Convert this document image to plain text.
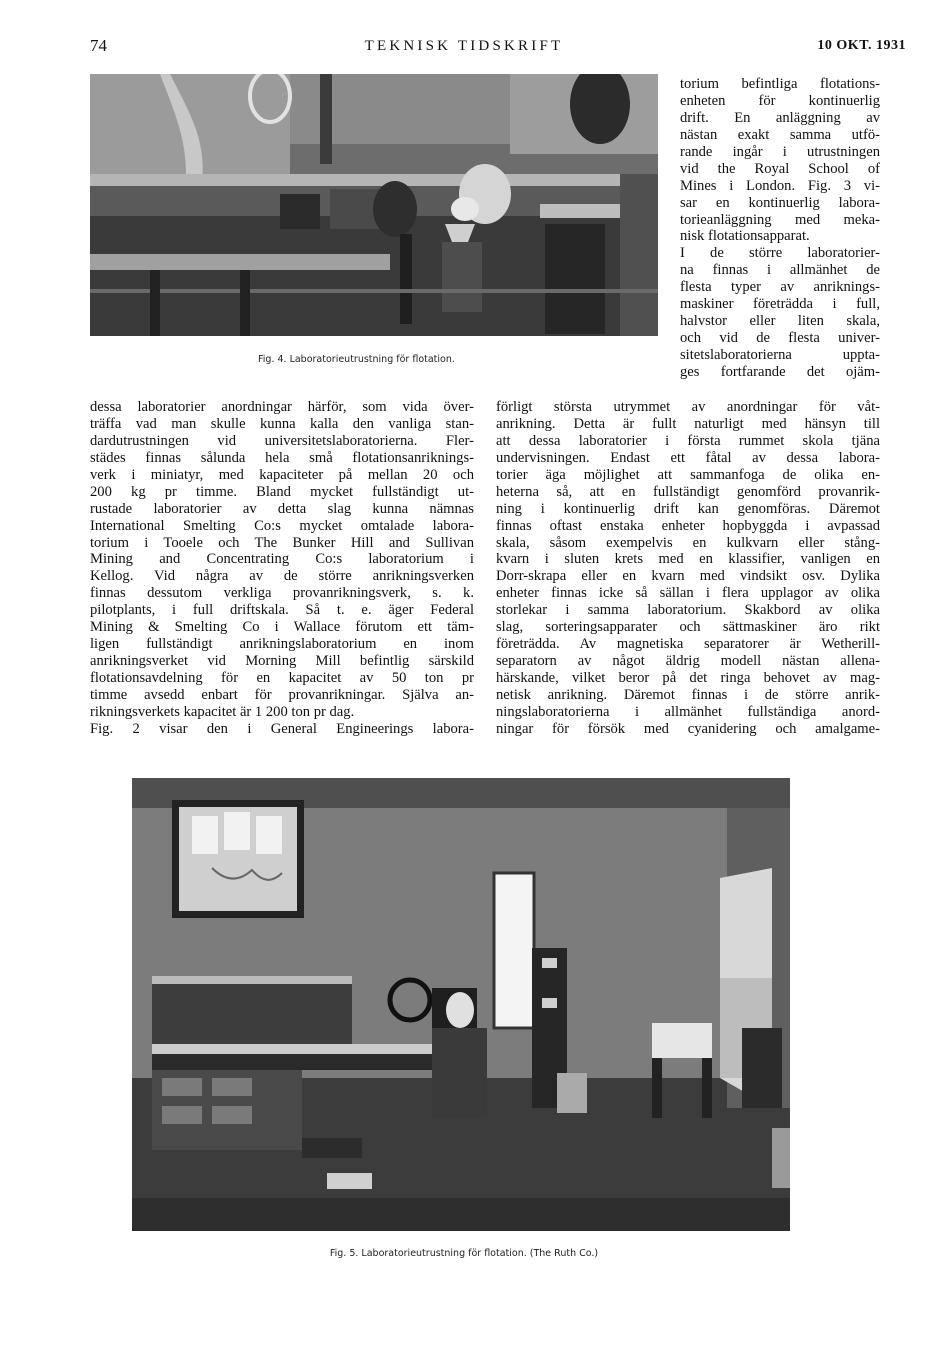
74	TEKNISK TIDSKRIFT	10 OKT. 1931
Fig. 4. Laboratorieutrustning för flotation.
torium befintliga flotations-
enheten för kontinuerlig
drift. En anläggning av
nästan exakt samma utfö-
rande ingår i utrustningen
vid the Royal School of
Mines i London. Fig. 3 vi-
sar en kontinuerlig labora-
torieanläggning med meka-
nisk flotationsapparat.
I de större laboratorier-
na finnas i allmänhet de
flesta typer av anriknings-
maskiner företrädda i full,
halvstor eller liten skala,
och vid de flesta univer-
sitetslaboratorierna uppta-
ges fortfarande det ojäm-
dessa laboratorier anordningar härför, som vida över-
träffa vad man skulle kunna kalla den vanliga stan-
dardutrustningen vid universitetslaboratorierna. Fler-
städes finnas sålunda hela små flotationsanriknings-
verk i miniatyr, med kapaciteter på mellan 20 och
200 kg pr timme. Bland mycket fullständigt ut-
rustade laboratorier av detta slag kunna nämnas
International Smelting Co:s mycket omtalade labora-
torium i Tooele och The Bunker Hill and Sullivan
Mining and Concentrating Co:s laboratorium i
Kellog. Vid några av de större anrikningsverken
finnas dessutom verkliga provanrikningsverk, s. k.
pilotplants, i full driftskala. Så t. e. äger Federal
Mining & Smelting Co i Wallace förutom ett täm-
ligen fullständigt anrikningslaboratorium en inom
anrikningsverket vid Morning Mill befintlig särskild
flotationsavdelning för en kapacitet av 50 ton pr
timme avsedd enbart för provanrikningar. Själva an-
rikningsverkets kapacitet är 1 200 ton pr dag.
Fig. 2 visar den i General Engineerings labora-
förligt största utrymmet av anordningar för våt-
anrikning. Detta är fullt naturligt med hänsyn till
att dessa laboratorier i första rummet skola tjäna
undervisningen. Endast ett fåtal av dessa labora-
torier äga möjlighet att sammanfoga de olika en-
heterna så, att en fullständigt genomförd provanrik-
ning i kontinuerlig drift kan genomföras. Däremot
finnas oftast enstaka enheter hopbyggda i avpassad
skala, såsom exempelvis en kulkvarn eller stång-
kvarn i sluten krets med en klassifier, vanligen en
Dorr-skrapa eller en kvarn med vindsikt osv. Dylika
enheter finnas icke så sällan i flera upplagor av olika
storlekar i samma laboratorium. Skakbord av olika
slag, sorteringsapparater och sättmaskiner äro rikt
företrädda. Av magnetiska separatorer är Wetherill-
separatorn av något äldrig modell nästan allena-
härskande, vilket beror på det ringa behovet av mag-
netisk anrikning. Däremot finnas i de större anrik-
ningslaboratorierna i allmänhet fullständiga anord-
ningar för försök med cyanidering och amalgame-
Fig. 5. Laboratorieutrustning för flotation. (The Ruth Co.)
